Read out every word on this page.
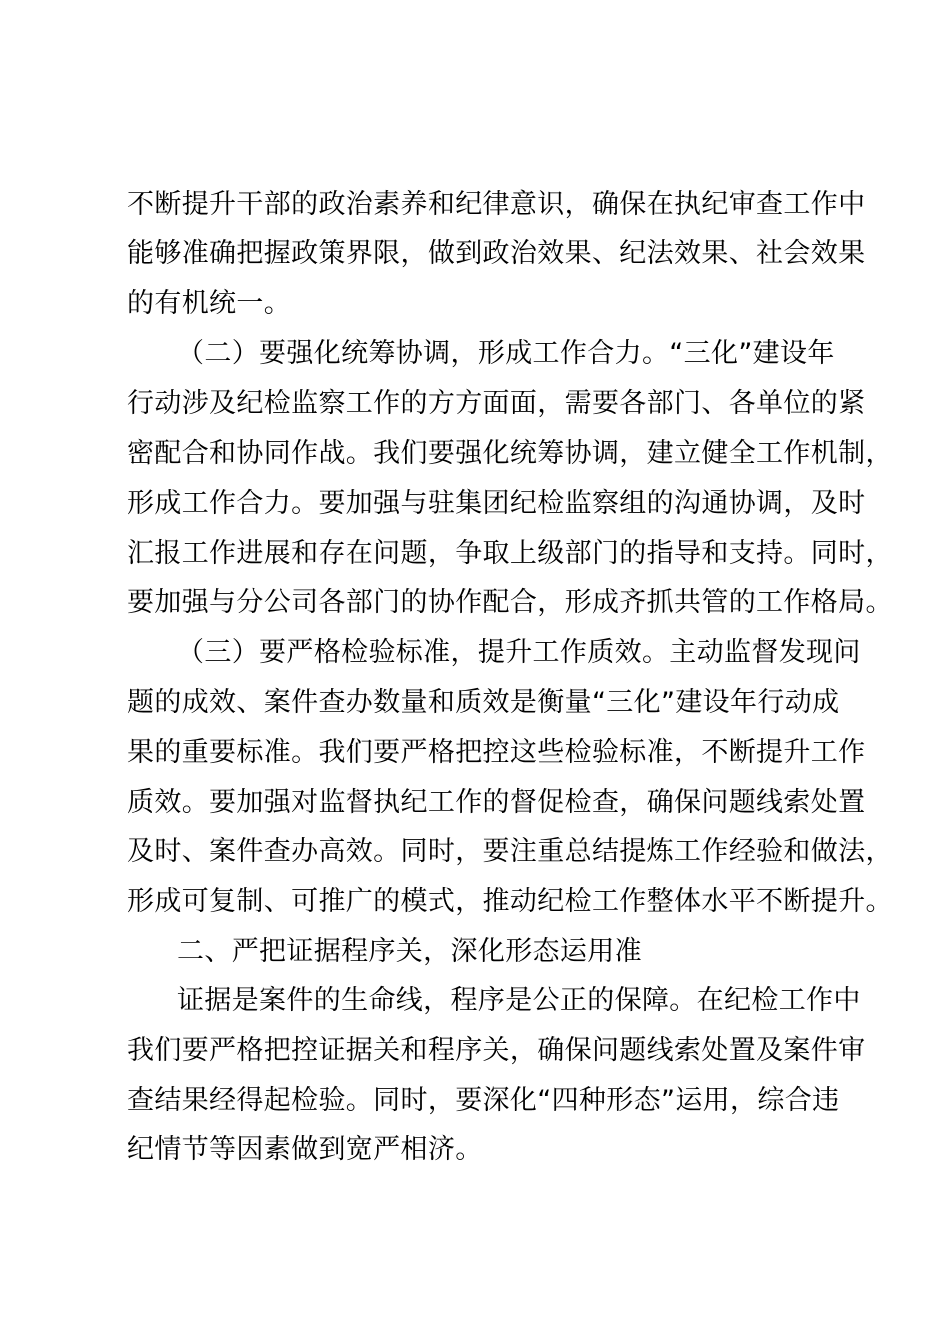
不断提升干部的政治素养和纪律意识，确保在执纪审查工作中
能够准确把握政策界限，做到政治效果、纪法效果、社会效果
的有机统一。
（二）要强化统筹协调，形成工作合力。“三化”建设年
行动涉及纪检监察工作的方方面面，需要各部门、各单位的紧
密配合和协同作战。我们要强化统筹协调，建立健全工作机制，
形成工作合力。要加强与驻集团纪检监察组的沟通协调，及时
汇报工作进展和存在问题，争取上级部门的指导和支持。同时，
要加强与分公司各部门的协作配合，形成齐抓共管的工作格局。
（三）要严格检验标准，提升工作质效。主动监督发现问
题的成效、案件查办数量和质效是衡量“三化”建设年行动成
果的重要标准。我们要严格把控这些检验标准，不断提升工作
质效。要加强对监督执纪工作的督促检查，确保问题线索处置
及时、案件查办高效。同时，要注重总结提炼工作经验和做法，
形成可复制、可推广的模式，推动纪检工作整体水平不断提升。
二、严把证据程序关，深化形态运用准
证据是案件的生命线，程序是公正的保障。在纪检工作中
我们要严格把控证据关和程序关，确保问题线索处置及案件审
查结果经得起检验。同时，要深化“四种形态”运用，综合违
纪情节等因素做到宽严相济。
